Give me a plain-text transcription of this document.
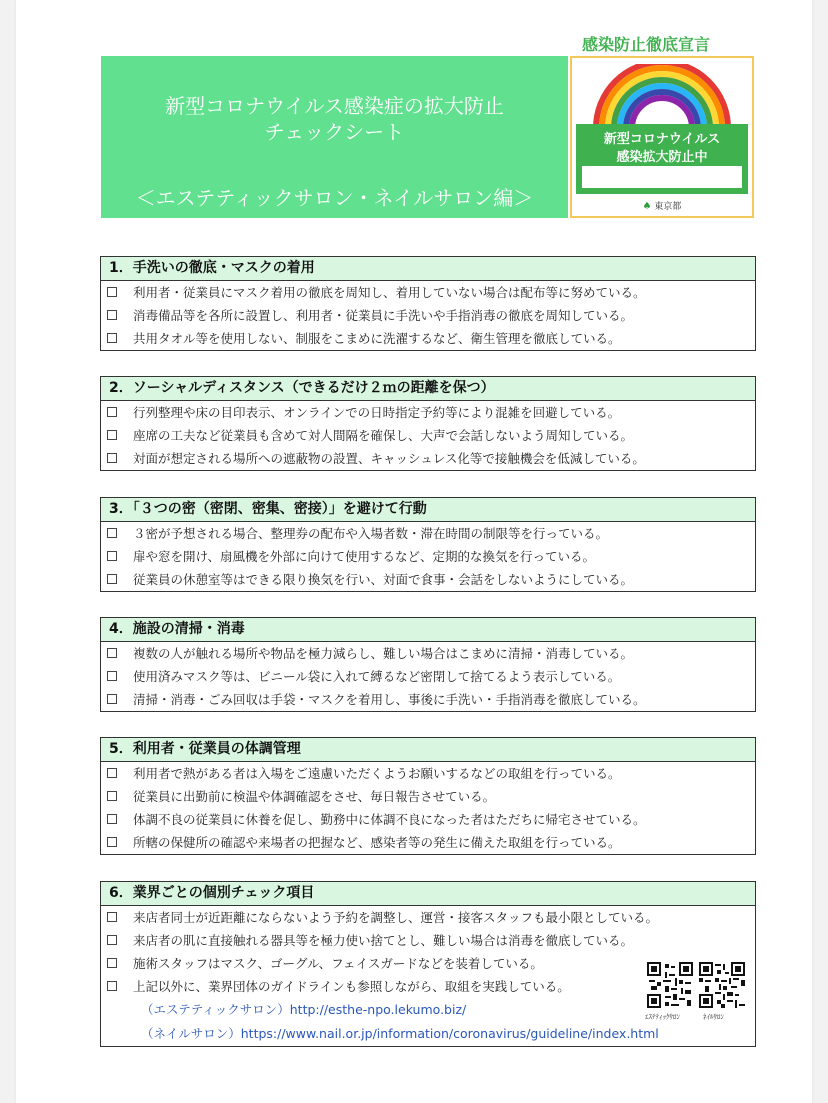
感染防止徹底宣言
新型コロナウイルス感染症の拡大防止
チェックシート
＜エステティックサロン・ネイルサロン編＞
新型コロナウイルス
感染拡大防止中
♠ 東京都
1．手洗いの徹底・マスクの着用
利用者・従業員にマスク着用の徹底を周知し、着用していない場合は配布等に努めている。
消毒備品等を各所に設置し、利用者・従業員に手洗いや手指消毒の徹底を周知している。
共用タオル等を使用しない、制服をこまめに洗濯するなど、衛生管理を徹底している。
2．ソーシャルディスタンス（できるだけ２ｍの距離を保つ）
行列整理や床の目印表示、オンラインでの日時指定予約等により混雑を回避している。
座席の工夫など従業員も含めて対人間隔を確保し、大声で会話しないよう周知している。
対面が想定される場所への遮蔽物の設置、キャッシュレス化等で接触機会を低減している。
3．「３つの密（密閉、密集、密接）」を避けて行動
３密が予想される場合、整理券の配布や入場者数・滞在時間の制限等を行っている。
扉や窓を開け、扇風機を外部に向けて使用するなど、定期的な換気を行っている。
従業員の休憩室等はできる限り換気を行い、対面で食事・会話をしないようにしている。
4．施設の清掃・消毒
複数の人が触れる場所や物品を極力減らし、難しい場合はこまめに清掃・消毒している。
使用済みマスク等は、ビニール袋に入れて縛るなど密閉して捨てるよう表示している。
清掃・消毒・ごみ回収は手袋・マスクを着用し、事後に手洗い・手指消毒を徹底している。
5．利用者・従業員の体調管理
利用者で熱がある者は入場をご遠慮いただくようお願いするなどの取組を行っている。
従業員に出勤前に検温や体調確認をさせ、毎日報告させている。
体調不良の従業員に休養を促し、勤務中に体調不良になった者はただちに帰宅させている。
所轄の保健所の確認や来場者の把握など、感染者等の発生に備えた取組を行っている。
6．業界ごとの個別チェック項目
来店者同士が近距離にならないよう予約を調整し、運営・接客スタッフも最小限としている。
来店者の肌に直接触れる器具等を極力使い捨てとし、難しい場合は消毒を徹底している。
施術スタッフはマスク、ゴーグル、フェイスガードなどを装着している。
上記以外に、業界団体のガイドラインも参照しながら、取組を実践している。
（エステティックサロン）http://esthe-npo.lekumo.biz/
（ネイルサロン）https://www.nail.or.jp/information/coronavirus/guideline/index.html
ｴｽﾃﾃｨｯｸｻﾛﾝ	ﾈｲﾙｻﾛﾝ
